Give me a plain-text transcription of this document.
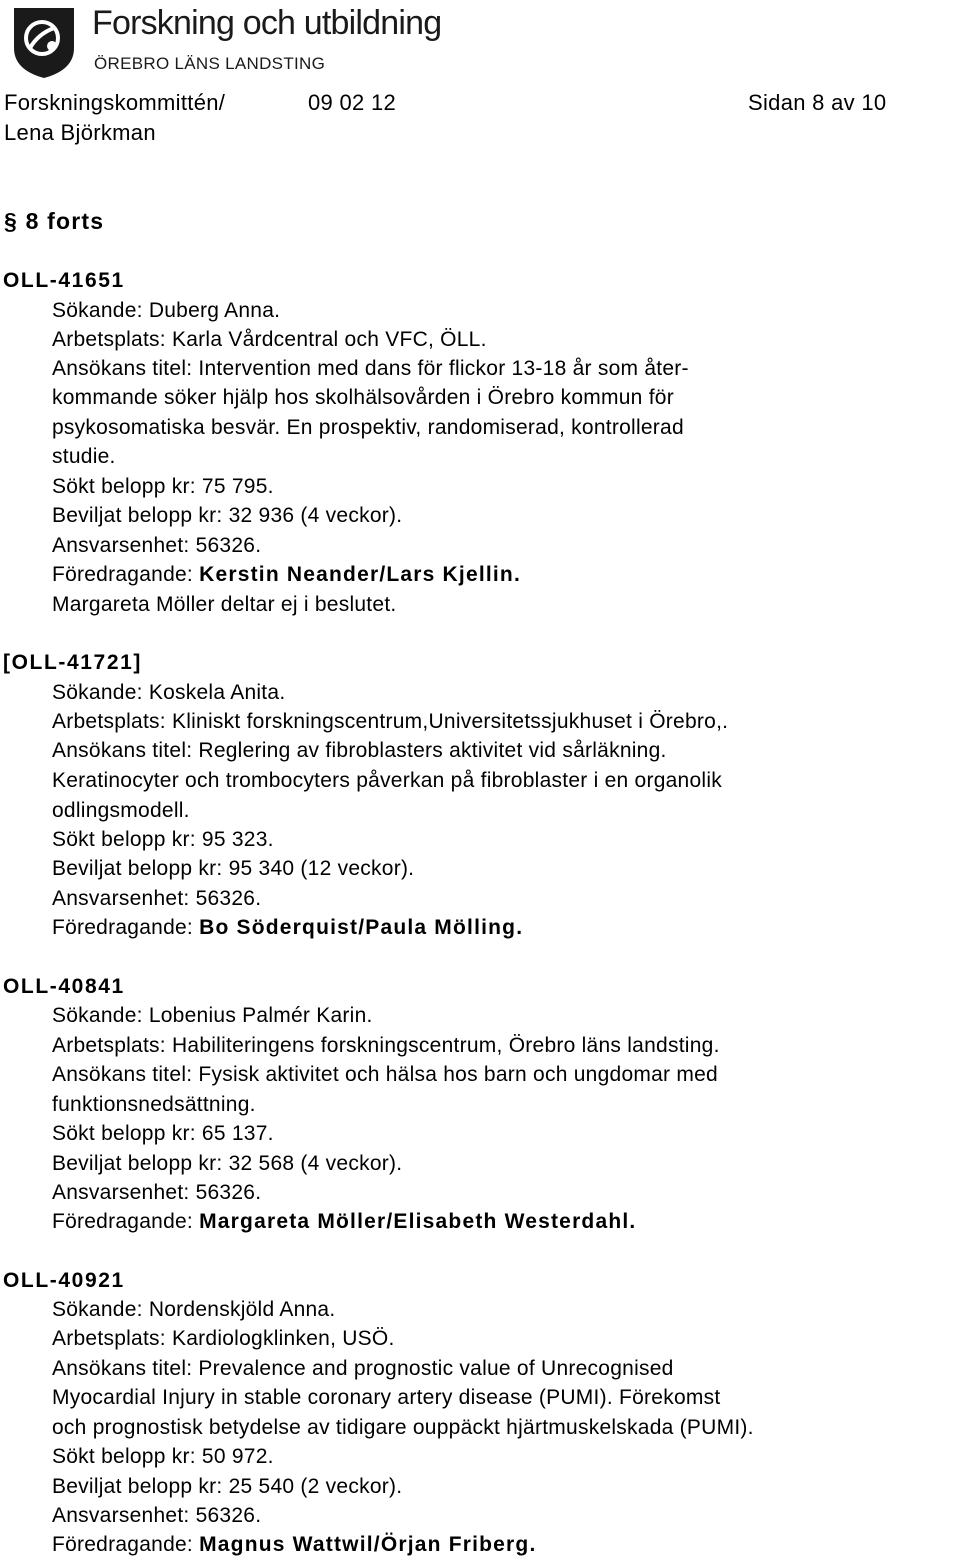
Forskning och utbildning
ÖREBRO LÄNS LANDSTING
Forskningskommittén/	09 02 12	Sidan 8 av 10
Lena Björkman
§ 8 forts
OLL-41651
Sökande: Duberg Anna.
Arbetsplats: Karla Vårdcentral och VFC, ÖLL.
Ansökans titel: Intervention med dans för flickor 13-18 år som åter-
kommande söker hjälp hos skolhälsovården i Örebro kommun för
psykosomatiska besvär. En prospektiv, randomiserad, kontrollerad
studie.
Sökt belopp kr: 75 795.
Beviljat belopp kr: 32 936 (4 veckor).
Ansvarsenhet: 56326.
Föredragande: Kerstin Neander/Lars Kjellin.
Margareta Möller deltar ej i beslutet.
[OLL-41721]
Sökande: Koskela Anita.
Arbetsplats: Kliniskt forskningscentrum,Universitetssjukhuset i Örebro,.
Ansökans titel: Reglering av fibroblasters aktivitet vid sårläkning.
Keratinocyter och trombocyters påverkan på fibroblaster i en organolik
odlingsmodell.
Sökt belopp kr: 95 323.
Beviljat belopp kr: 95 340 (12 veckor).
Ansvarsenhet: 56326.
Föredragande: Bo Söderquist/Paula Mölling.
OLL-40841
Sökande: Lobenius Palmér Karin.
Arbetsplats: Habiliteringens forskningscentrum, Örebro läns landsting.
Ansökans titel: Fysisk aktivitet och hälsa hos barn och ungdomar med
funktionsnedsättning.
Sökt belopp kr: 65 137.
Beviljat belopp kr: 32 568 (4 veckor).
Ansvarsenhet: 56326.
Föredragande: Margareta Möller/Elisabeth Westerdahl.
OLL-40921
Sökande: Nordenskjöld Anna.
Arbetsplats: Kardiologklinken, USÖ.
Ansökans titel: Prevalence and prognostic value of Unrecognised
Myocardial Injury in stable coronary artery disease (PUMI). Förekomst
och prognostisk betydelse av tidigare ouppäckt hjärtmuskelskada (PUMI).
Sökt belopp kr: 50 972.
Beviljat belopp kr: 25 540 (2 veckor).
Ansvarsenhet: 56326.
Föredragande: Magnus Wattwil/Örjan Friberg.
